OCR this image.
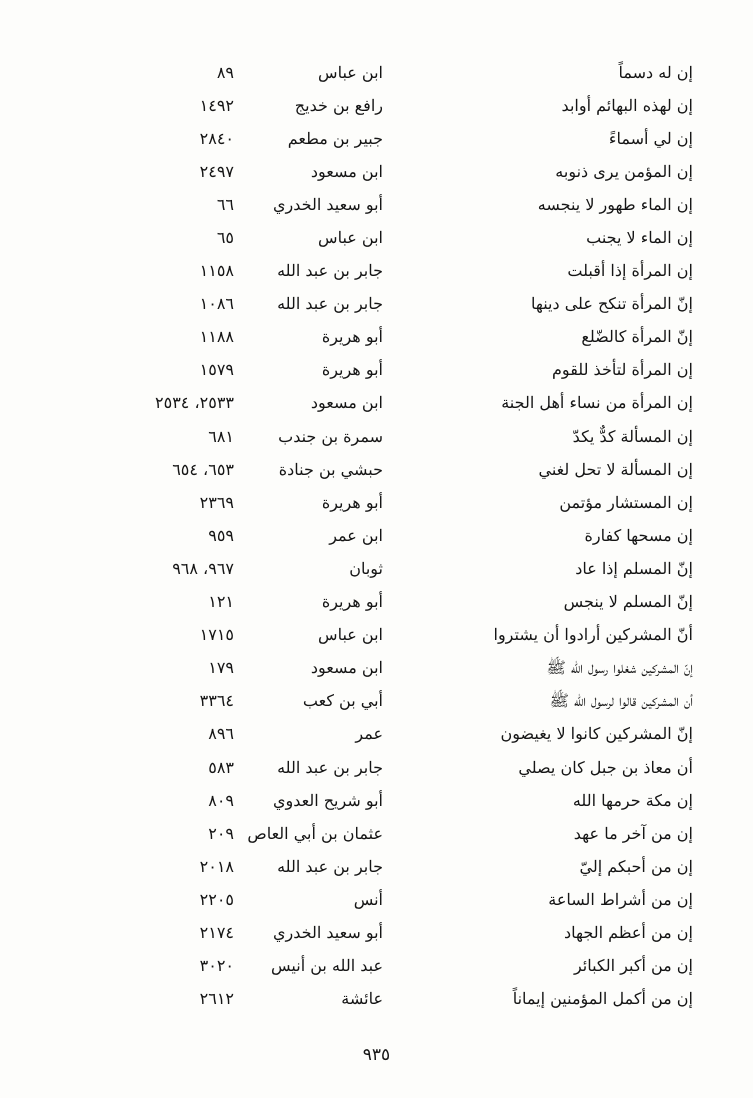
إن له دسماً
ابن عباس
٨٩
إن لهذه البهائم أوابد
رافع بن خديج
١٤٩٢
إن لي أسماءً
جبير بن مطعم
٢٨٤٠
إن المؤمن يرى ذنوبه
ابن مسعود
٢٤٩٧
إن الماء طهور لا ينجسه
أبو سعيد الخدري
٦٦
إن الماء لا يجنب
ابن عباس
٦٥
إن المرأة إذا أقبلت
جابر بن عبد الله
١١٥٨
إنّ المرأة تنكح على دينها
جابر بن عبد الله
١٠٨٦
إنّ المرأة كالضّلع
أبو هريرة
١١٨٨
إن المرأة لتأخذ للقوم
أبو هريرة
١٥٧٩
إن المرأة من نساء أهل الجنة
ابن مسعود
٢٥٣٣، ٢٥٣٤
إن المسألة كدٌّ يكدّ
سمرة بن جندب
٦٨١
إن المسألة لا تحل لغني
حبشي بن جنادة
٦٥٣، ٦٥٤
إن المستشار مؤتمن
أبو هريرة
٢٣٦٩
إن مسحها كفارة
ابن عمر
٩٥٩
إنّ المسلم إذا عاد
ثوبان
٩٦٧، ٩٦٨
إنّ المسلم لا ينجس
أبو هريرة
١٢١
أنّ المشركين أرادوا أن يشتروا
ابن عباس
١٧١٥
إنّ المشركين شغلوا رسول الله ﷺ
ابن مسعود
١٧٩
أن المشركين قالوا لرسول الله ﷺ
أبي بن كعب
٣٣٦٤
إنّ المشركين كانوا لا يغيضون
عمر
٨٩٦
أن معاذ بن جبل كان يصلي
جابر بن عبد الله
٥٨٣
إن مكة حرمها الله
أبو شريح العدوي
٨٠٩
إن من آخر ما عهد
عثمان بن أبي العاص
٢٠٩
إن من أحبكم إليّ
جابر بن عبد الله
٢٠١٨
إن من أشراط الساعة
أنس
٢٢٠٥
إن من أعظم الجهاد
أبو سعيد الخدري
٢١٧٤
إن من أكبر الكبائر
عبد الله بن أنيس
٣٠٢٠
إن من أكمل المؤمنين إيماناً
عائشة
٢٦١٢
٩٣٥
